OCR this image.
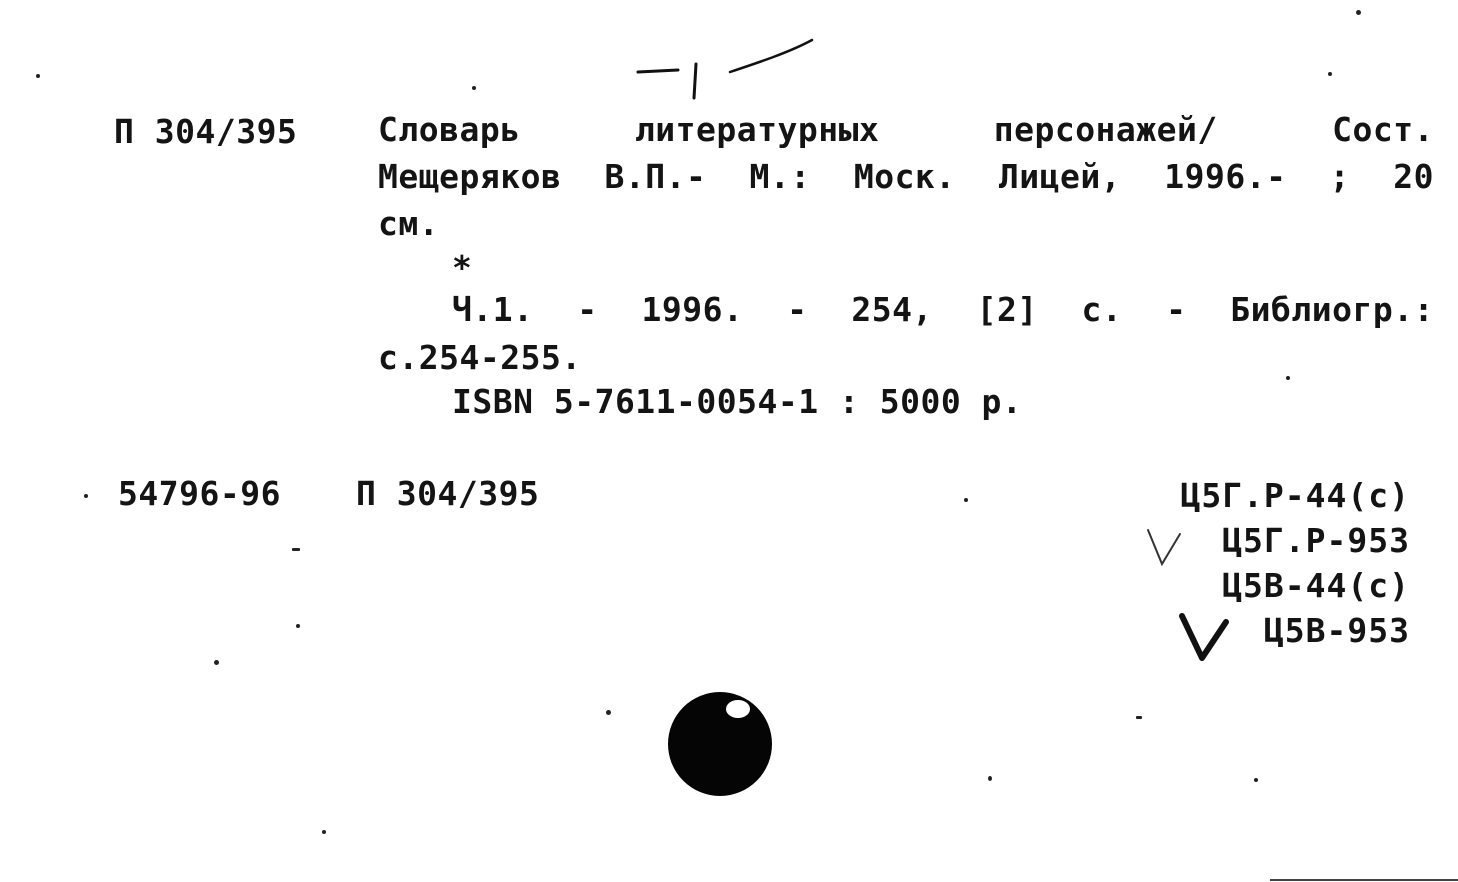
П 304/395 Словарь	литературных	персонажей/	Сост.
Мещеряков В.П.- М.: Моск. Лицей, 1996.- ; 20
см.
*
Ч.1. - 1996. - 254, [2] с. - Библиогр.:
с.254-255.
ISBN 5-7611-0054-1 : 5000 р.
54796-96 П 304/395	Ц5Г.Р-44(с)
Ц5Г.Р-953
Ц5В-44(с)
Ц5В-953
